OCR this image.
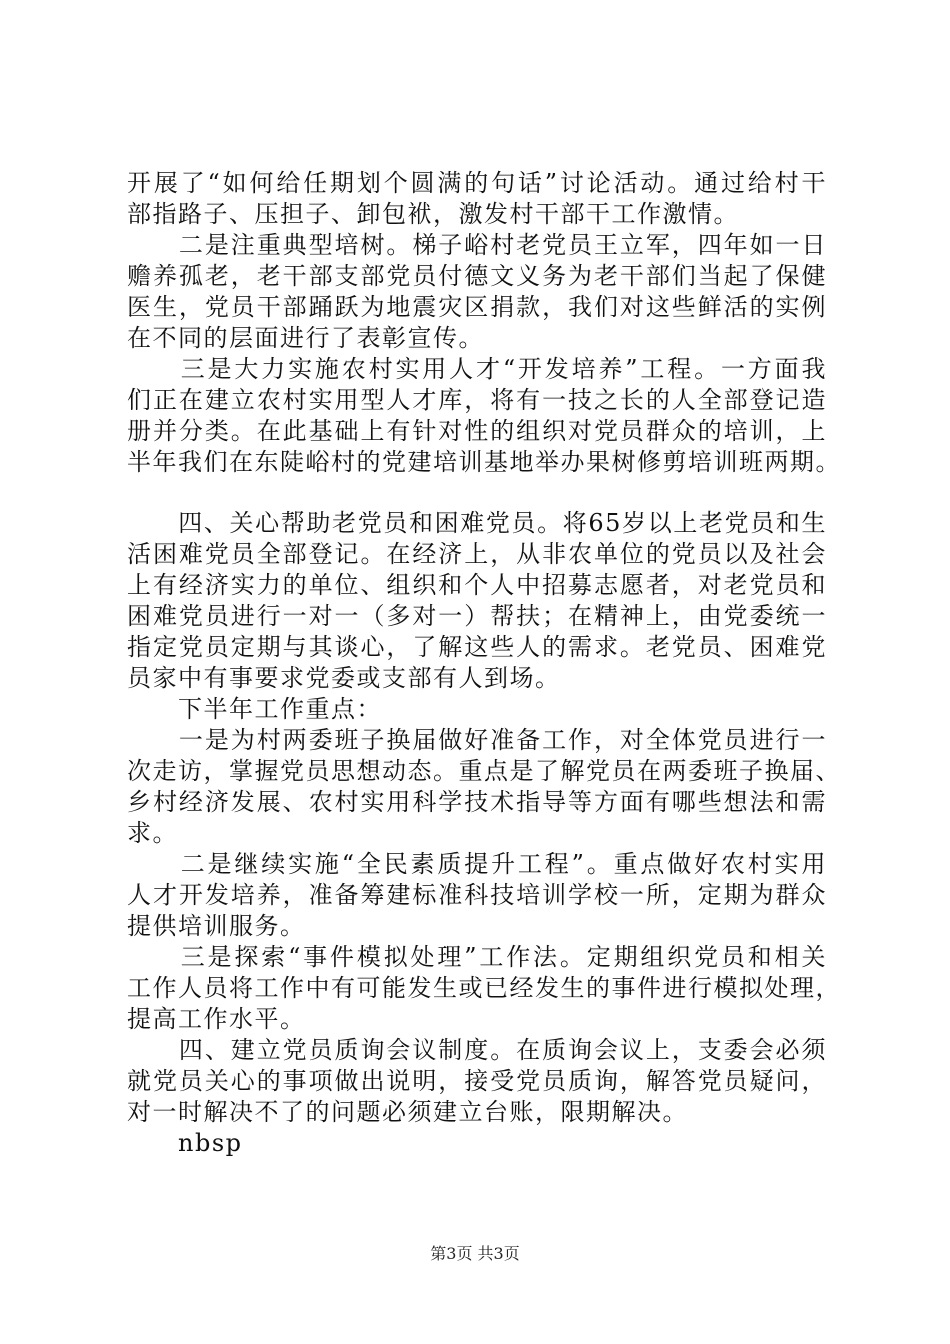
开展了“如何给任期划个圆满的句话”讨论活动。通过给村干
部指路子、压担子、卸包袱，激发村干部干工作激情。
　　二是注重典型培树。梯子峪村老党员王立军，四年如一日
赡养孤老，老干部支部党员付德文义务为老干部们当起了保健
医生，党员干部踊跃为地震灾区捐款，我们对这些鲜活的实例
在不同的层面进行了表彰宣传。
　　三是大力实施农村实用人才“开发培养”工程。一方面我
们正在建立农村实用型人才库，将有一技之长的人全部登记造
册并分类。在此基础上有针对性的组织对党员群众的培训，上
半年我们在东陡峪村的党建培训基地举办果树修剪培训班两期。
　　四、关心帮助老党员和困难党员。将65岁以上老党员和生
活困难党员全部登记。在经济上，从非农单位的党员以及社会
上有经济实力的单位、组织和个人中招募志愿者，对老党员和
困难党员进行一对一（多对一）帮扶；在精神上，由党委统一
指定党员定期与其谈心，了解这些人的需求。老党员、困难党
员家中有事要求党委或支部有人到场。
　　下半年工作重点：
　　一是为村两委班子换届做好准备工作，对全体党员进行一
次走访，掌握党员思想动态。重点是了解党员在两委班子换届、
乡村经济发展、农村实用科学技术指导等方面有哪些想法和需
求。
　　二是继续实施“全民素质提升工程”。重点做好农村实用
人才开发培养，准备筹建标准科技培训学校一所，定期为群众
提供培训服务。
　　三是探索“事件模拟处理”工作法。定期组织党员和相关
工作人员将工作中有可能发生或已经发生的事件进行模拟处理，
提高工作水平。
　　四、建立党员质询会议制度。在质询会议上，支委会必须
就党员关心的事项做出说明，接受党员质询，解答党员疑问，
对一时解决不了的问题必须建立台账，限期解决。
　　nbsp
第3页 共3页
